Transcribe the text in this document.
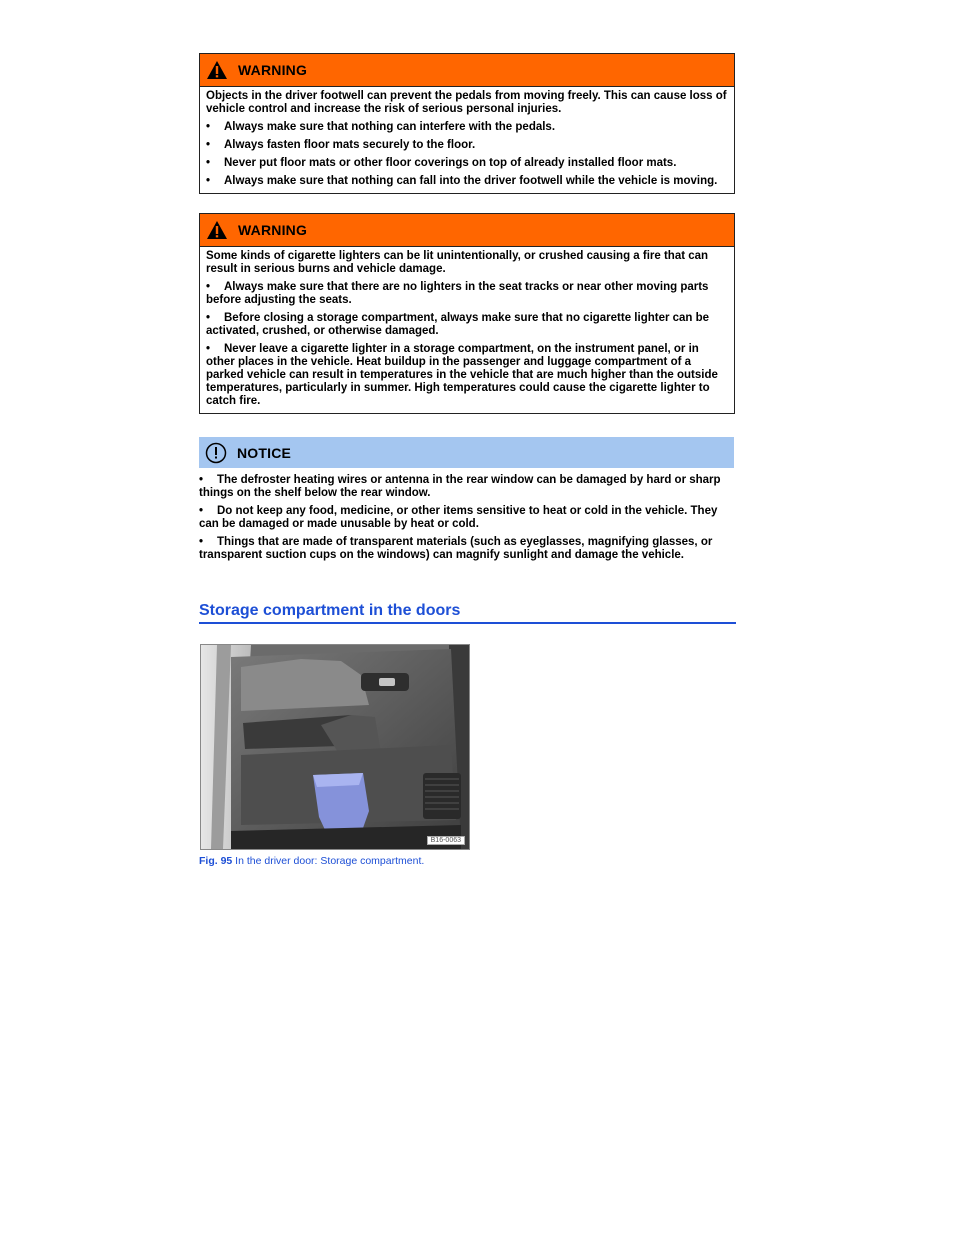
WARNING

Objects in the driver footwell can prevent the pedals from moving freely. This can cause loss of vehicle control and increase the risk of serious personal injuries.

•	Always make sure that nothing can interfere with the pedals.
•	Always fasten floor mats securely to the floor.
•	Never put floor mats or other floor coverings on top of already installed floor mats.
•	Always make sure that nothing can fall into the driver footwell while the vehicle is moving.
WARNING

Some kinds of cigarette lighters can be lit unintentionally, or crushed causing a fire that can result in serious burns and vehicle damage.

• Always make sure that there are no lighters in the seat tracks or near other moving parts before adjusting the seats.
• Before closing a storage compartment, always make sure that no cigarette lighter can be activated, crushed, or otherwise damaged.
• Never leave a cigarette lighter in a storage compartment, on the instrument panel, or in other places in the vehicle. Heat buildup in the passenger and luggage compartment of a parked vehicle can result in temperatures in the vehicle that are much higher than the outside temperatures, particularly in summer. High temperatures could cause the cigarette lighter to catch fire.
NOTICE
• The defroster heating wires or antenna in the rear window can be damaged by hard or sharp things on the shelf below the rear window.
• Do not keep any food, medicine, or other items sensitive to heat or cold in the vehicle. They can be damaged or made unusable by heat or cold.
• Things that are made of transparent materials (such as eyeglasses, magnifying glasses, or transparent suction cups on the windows) can magnify sunlight and damage the vehicle.
Storage compartment in the doors
B16-0063
Fig. 95 In the driver door: Storage compartment.
